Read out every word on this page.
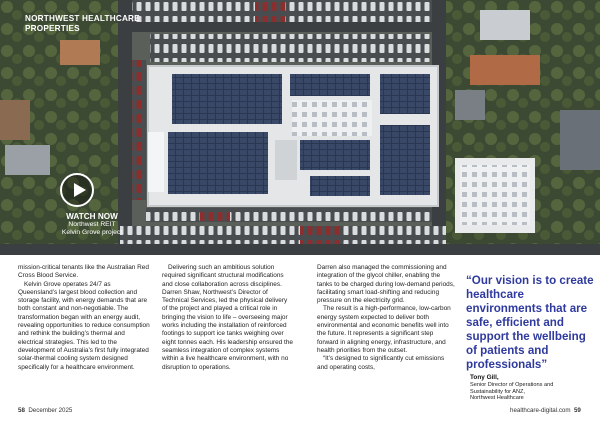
NORTHWEST HEALTHCARE
PROPERTIES
WATCH NOW
Northwest REIT
Kelvin Grove project

mission-critical tenants like the Australian Red Cross Blood Service.

Kelvin Grove operates 24/7 as Queensland’s largest blood collection and storage facility, with energy demands that are both constant and non-negotiable. The transformation began with an energy audit, revealing opportunities to reduce consumption and rethink the building’s thermal and electrical strategies. This led to the development of Australia’s first fully integrated solar-thermal cooling system designed specifically for a healthcare environment.

Delivering such an ambitious solution required significant structural modifications and close collaboration across disciplines. Darren Shaw, Northwest’s Director of Technical Services, led the physical delivery of the project and played a critical role in bringing the vision to life – overseeing major works including the installation of reinforced footings to support ice tanks weighing over eight tonnes each. His leadership ensured the seamless integration of complex systems within a live healthcare environment, with no disruption to operations.

Darren also managed the commissioning and integration of the glycol chiller, enabling the tanks to be charged during low-demand periods, facilitating smart load-shifting and reducing pressure on the electricity grid.

The result is a high-performance, low-carbon energy system expected to deliver both environmental and economic benefits well into the future. It represents a significant step forward in aligning energy, infrastructure, and health priorities from the outset.

“It’s designed to significantly cut emissions and operating costs,

“Our vision is to create healthcare environments that are safe, efficient and support the wellbeing of patients and professionals”

Tony Gill,
Senior Director of Operations and
Sustainability for ANZ,
Northwest Healthcare
58 December 2025	healthcare-digital.com 59
